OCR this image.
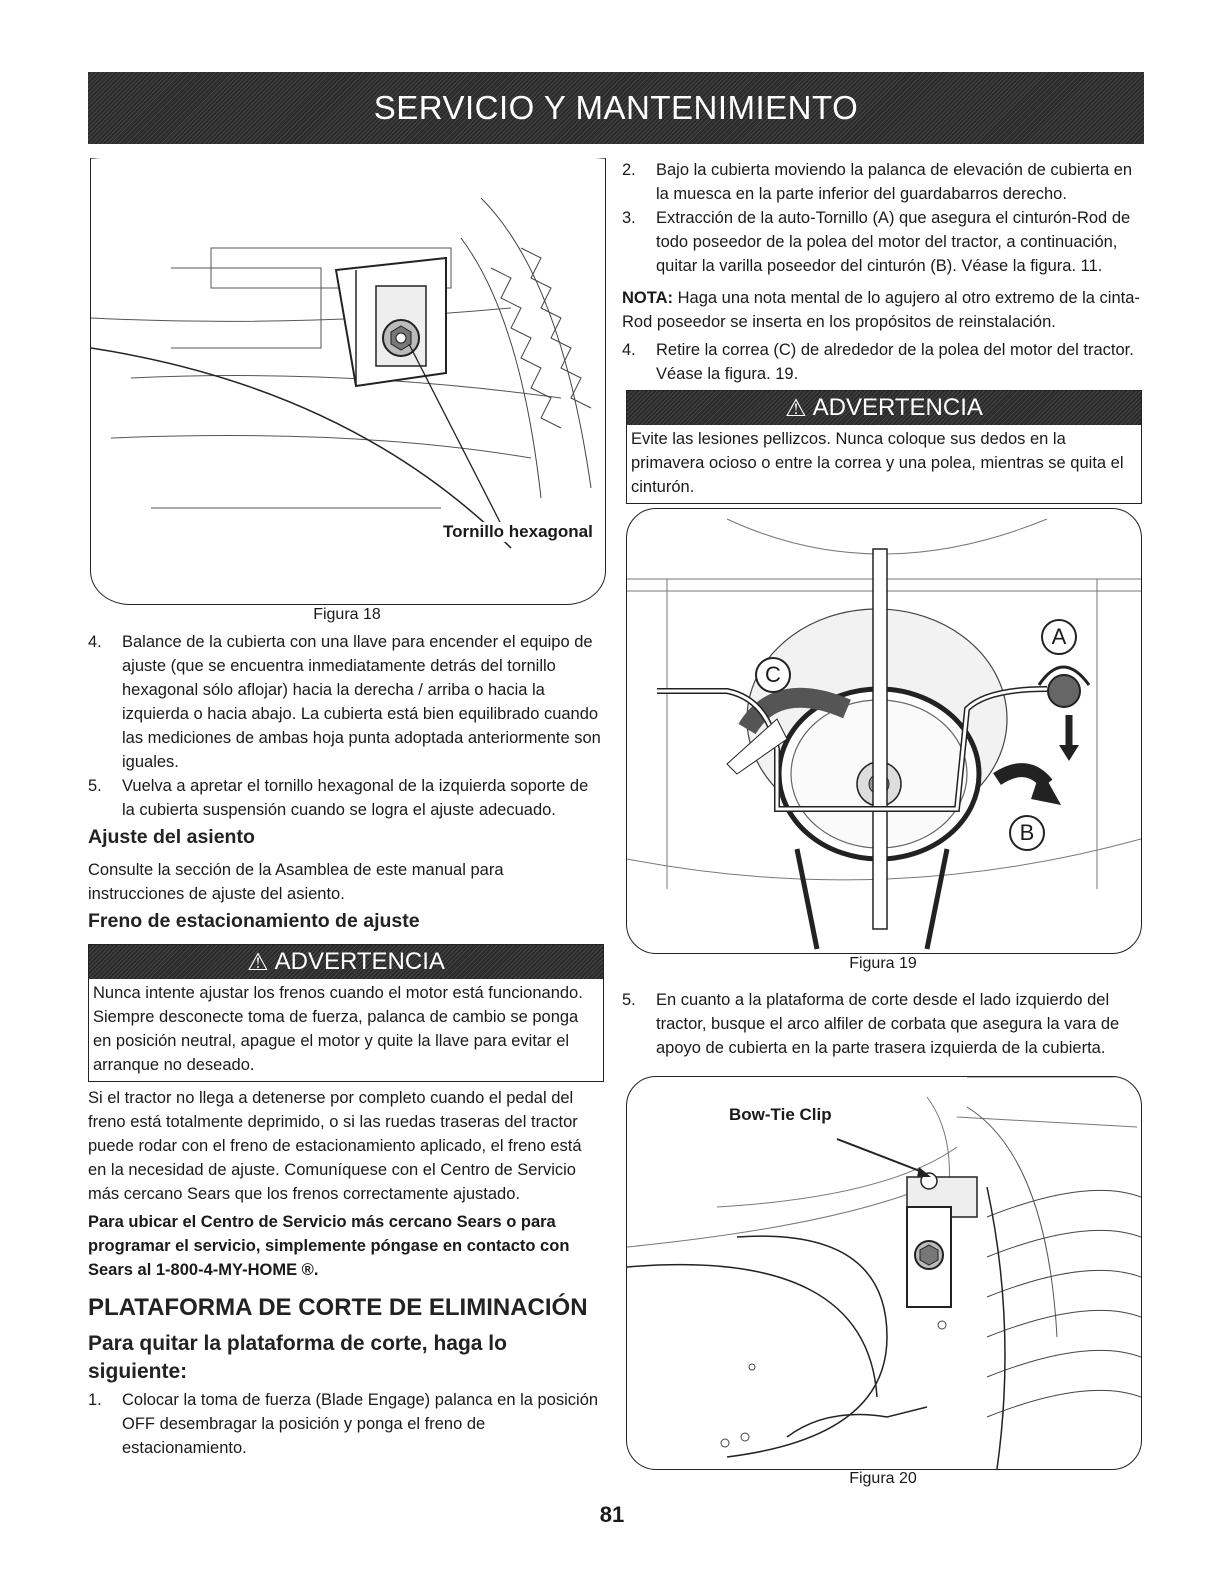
SERVICIO Y MANTENIMIENTO
Tornillo hexagonal
Figura 18
4.	Balance de la cubierta con una llave para encender el equipo de ajuste (que se encuentra inmediatamente detrás del tornillo hexagonal sólo aflojar) hacia la derecha / arriba o hacia la izquierda o hacia abajo. La cubierta está bien equilibrado cuando las mediciones de ambas hoja punta adoptada anteriormente son iguales.
5.	Vuelva a apretar el tornillo hexagonal de la izquierda soporte de la cubierta suspensión cuando se logra el ajuste adecuado.
Ajuste del asiento
Consulte la sección de la Asamblea de este manual para instrucciones de ajuste del asiento.
Freno de estacionamiento de ajuste
⚠ ADVERTENCIA
Nunca intente ajustar los frenos cuando el motor está funcionando. Siempre desconecte toma de fuerza, palanca de cambio se ponga en posición neutral, apague el motor y quite la llave para evitar el arranque no deseado.
Si el tractor no llega a detenerse por completo cuando el pedal del freno está totalmente deprimido, o si las ruedas traseras del tractor puede rodar con el freno de estacionamiento aplicado, el freno está en la necesidad de ajuste. Comuníquese con el Centro de Servicio más cercano Sears que los frenos correctamente ajustado.
Para ubicar el Centro de Servicio más cercano Sears o para programar el servicio, simplemente póngase en contacto con Sears al 1-800-4-MY-HOME ®.
PLATAFORMA DE CORTE DE ELIMINACIÓN
Para quitar la plataforma de corte, haga lo siguiente:
1.	Colocar la toma de fuerza (Blade Engage) palanca en la posición OFF desembragar la posición y ponga el freno de estacionamiento.
2.	Bajo la cubierta moviendo la palanca de elevación de cubierta en la muesca en la parte inferior del guardabarros derecho.
3.	Extracción de la auto-Tornillo (A) que asegura el cinturón-Rod de todo poseedor de la polea del motor del tractor, a continuación, quitar la varilla poseedor del cinturón (B). Véase la figura. 11.
NOTA: Haga una nota mental de lo agujero al otro extremo de la cinta-Rod poseedor se inserta en los propósitos de reinstalación.
4.	Retire la correa (C) de alrededor de la polea del motor del tractor. Véase la figura. 19.
⚠ ADVERTENCIA
Evite las lesiones pellizcos. Nunca coloque sus dedos en la primavera ocioso o entre la correa y una polea, mientras se quita el cinturón.
A
B
C
Figura 19
5.	En cuanto a la plataforma de corte desde el lado izquierdo del tractor, busque el arco alfiler de corbata que asegura la vara de apoyo de cubierta en la parte trasera izquierda de la cubierta.
Bow-Tie Clip
Figura 20
81
